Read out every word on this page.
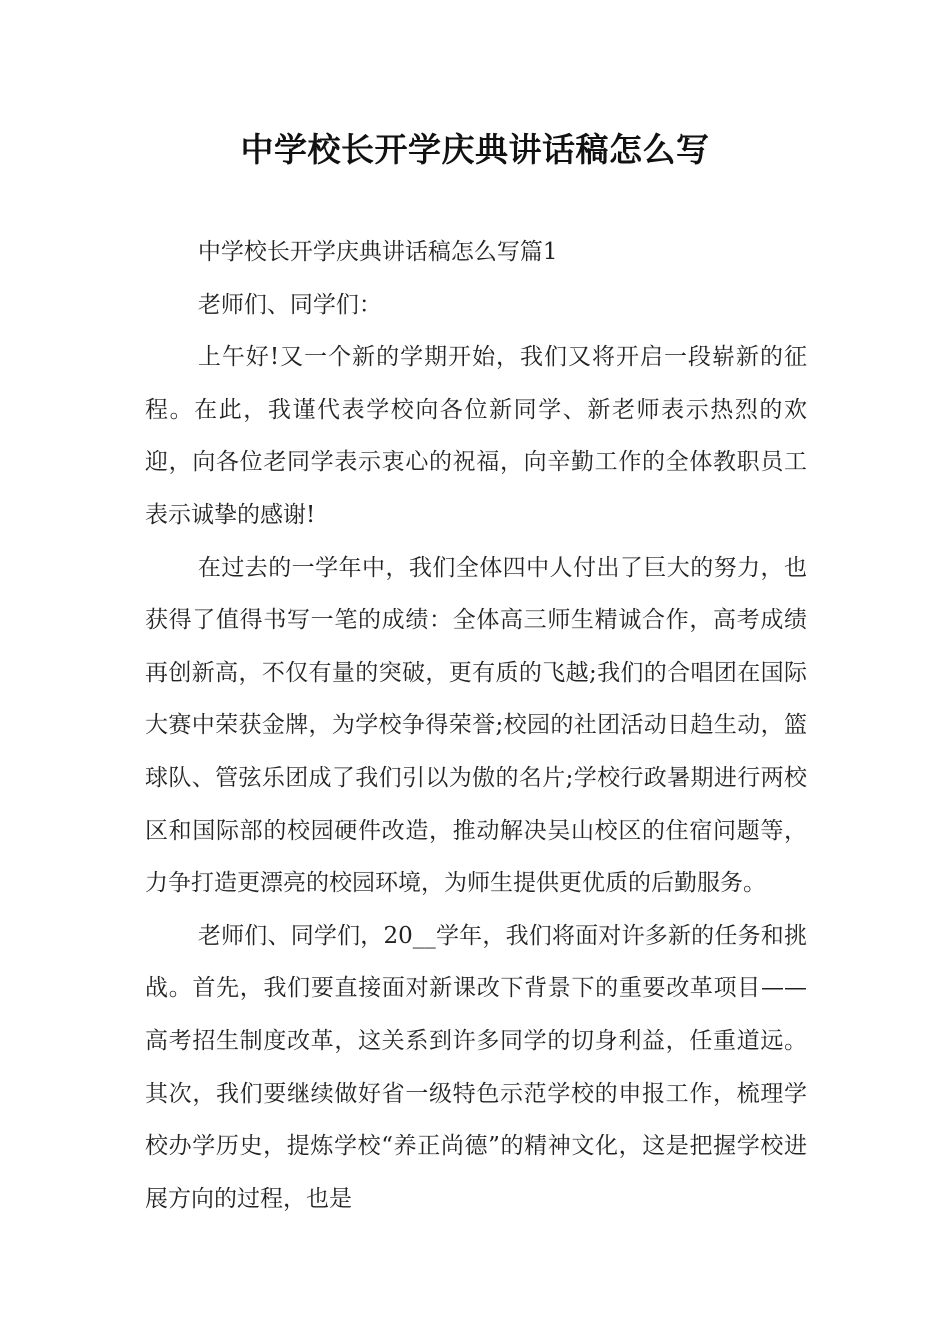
中学校长开学庆典讲话稿怎么写

中学校长开学庆典讲话稿怎么写篇1

老师们、同学们：

上午好!又一个新的学期开始，我们又将开启一段崭新的征程。在此，我谨代表学校向各位新同学、新老师表示热烈的欢迎，向各位老同学表示衷心的祝福，向辛勤工作的全体教职员工表示诚挚的感谢!

在过去的一学年中，我们全体四中人付出了巨大的努力，也获得了值得书写一笔的成绩：全体高三师生精诚合作，高考成绩再创新高，不仅有量的突破，更有质的飞越;我们的合唱团在国际大赛中荣获金牌，为学校争得荣誉;校园的社团活动日趋生动，篮球队、管弦乐团成了我们引以为傲的名片;学校行政暑期进行两校区和国际部的校园硬件改造，推动解决吴山校区的住宿问题等，力争打造更漂亮的校园环境，为师生提供更优质的后勤服务。

老师们、同学们，20__学年，我们将面对许多新的任务和挑战。首先，我们要直接面对新课改下背景下的重要改革项目——高考招生制度改革，这关系到许多同学的切身利益，任重道远。其次，我们要继续做好省一级特色示范学校的申报工作，梳理学校办学历史，提炼学校“养正尚德”的精神文化，这是把握学校进展方向的过程，也是
